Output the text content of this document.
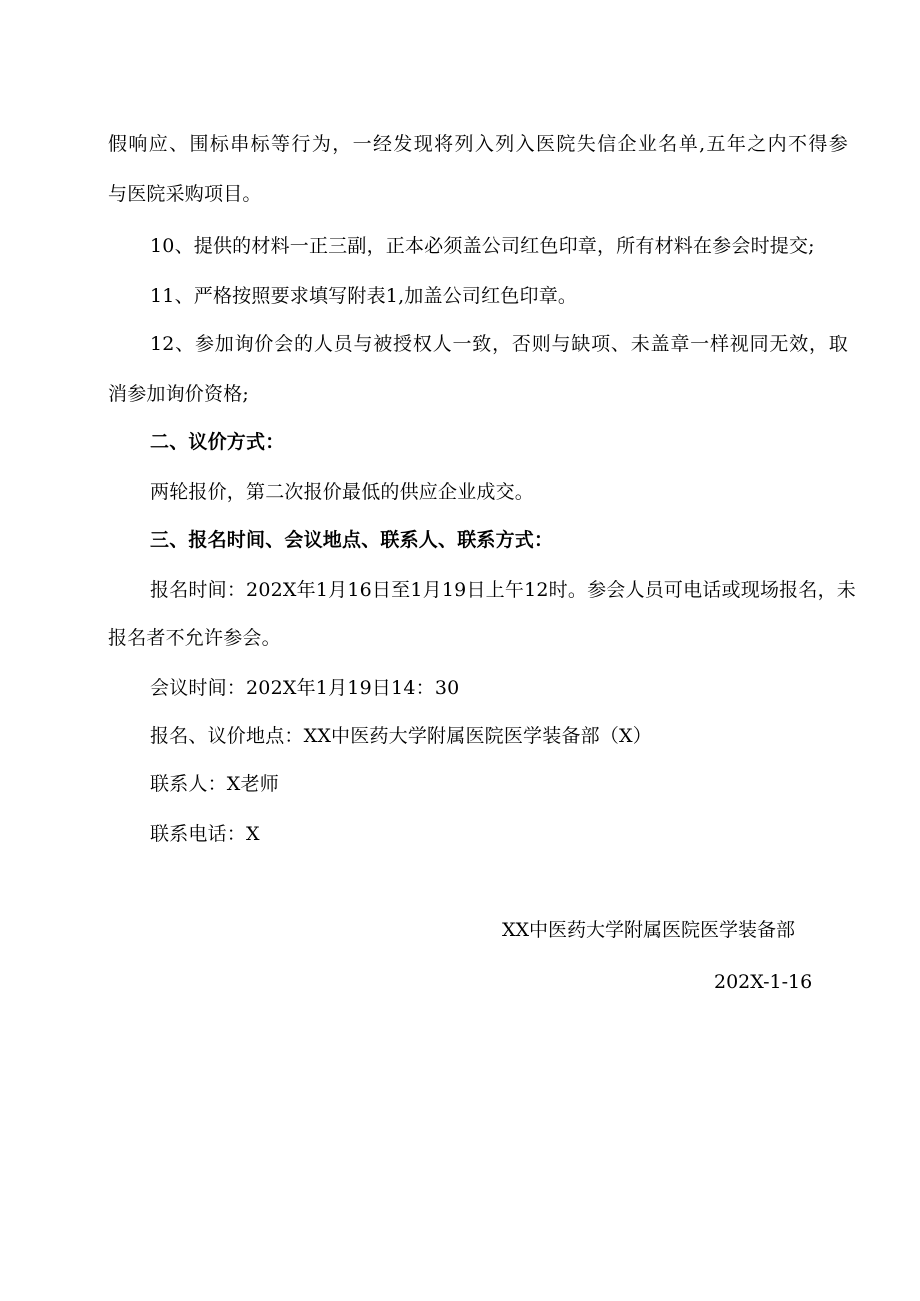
假响应、围标串标等行为，一经发现将列入列入医院失信企业名单,五年之内不得参
与医院采购项目。
10、提供的材料一正三副，正本必须盖公司红色印章，所有材料在参会时提交;
11、严格按照要求填写附表1,加盖公司红色印章。
12、参加询价会的人员与被授权人一致，否则与缺项、未盖章一样视同无效，取
消参加询价资格;
二、议价方式：
两轮报价，第二次报价最低的供应企业成交。
三、报名时间、会议地点、联系人、联系方式：
报名时间：202X年1月16日至1月19日上午12时。参会人员可电话或现场报名，未
报名者不允许参会。
会议时间：202X年1月19日14：30
报名、议价地点：XX中医药大学附属医院医学装备部（X）
联系人：X老师
联系电话：X
XX中医药大学附属医院医学装备部
202X-1-16
